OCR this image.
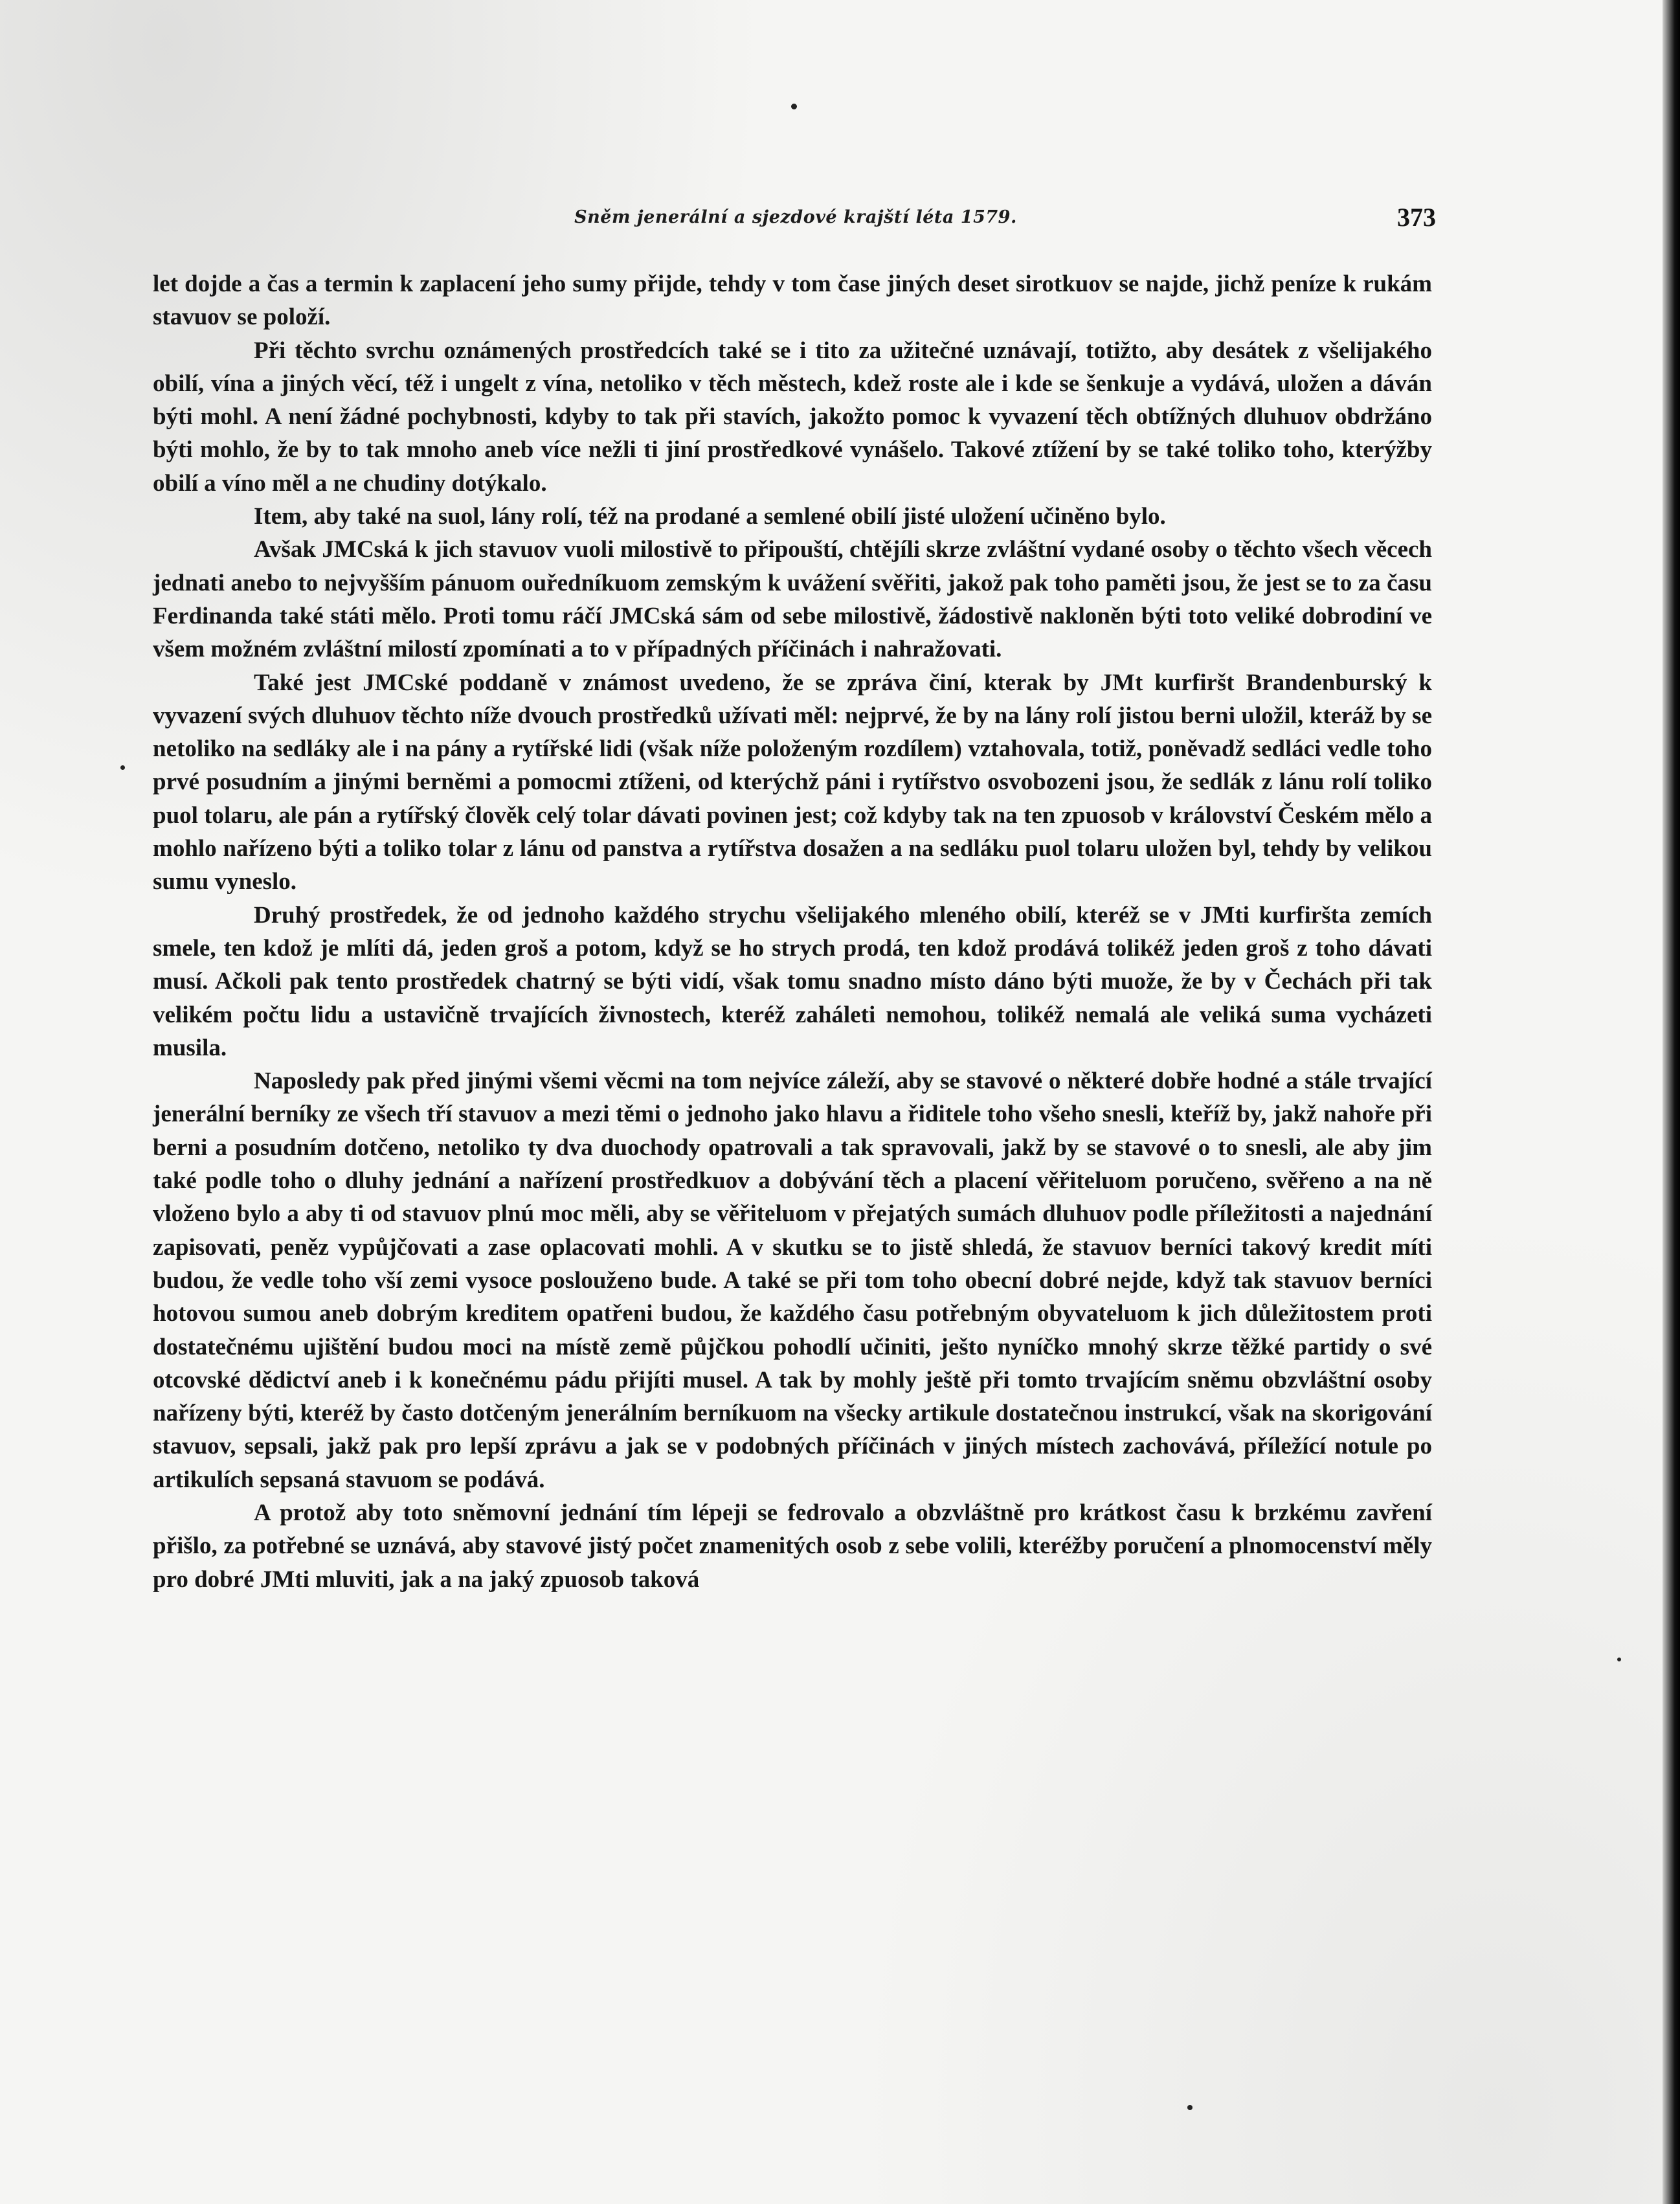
Sněm jenerální a sjezdové krajští léta 1579.	373

let dojde a čas a termin k zaplacení jeho sumy přijde, tehdy v tom čase jiných deset sirotkuov se najde, jichž peníze k rukám stavuov se položí.

Při těchto svrchu oznámených prostředcích také se i tito za užitečné uznávají, totižto, aby desátek z všelijakého obilí, vína a jiných věcí, též i ungelt z vína, netoliko v těch městech, kdež roste ale i kde se šenkuje a vydává, uložen a dáván býti mohl. A není žádné pochybnosti, kdyby to tak při stavích, jakožto pomoc k vyvazení těch obtížných dluhuov obdržáno býti mohlo, že by to tak mnoho aneb více nežli ti jiní prostředkové vynášelo. Takové ztížení by se také toliko toho, kterýžby obilí a víno měl a ne chudiny dotýkalo.

Item, aby také na suol, lány rolí, též na prodané a semlené obilí jisté uložení učiněno bylo.

Avšak JMCská k jich stavuov vuoli milostivě to připouští, chtějíli skrze zvláštní vydané osoby o těchto všech věcech jednati anebo to nejvyšším pánuom ouředníkuom zemským k uvážení svěřiti, jakož pak toho paměti jsou, že jest se to za času Ferdinanda také státi mělo. Proti tomu ráčí JMCská sám od sebe milostivě, žádostivě nakloněn býti toto veliké dobrodiní ve všem možném zvláštní milostí zpomínati a to v případných příčinách i nahražovati.

Také jest JMCské poddaně v známost uvedeno, že se zpráva činí, kterak by JMt kurfiršt Brandenburský k vyvazení svých dluhuov těchto níže dvouch prostředků užívati měl: nejprvé, že by na lány rolí jistou berni uložil, kteráž by se netoliko na sedláky ale i na pány a rytířské lidi (však níže položeným rozdílem) vztahovala, totiž, poněvadž sedláci vedle toho prvé posudním a jinými berněmi a pomocmi ztíženi, od kterýchž páni i rytířstvo osvobozeni jsou, že sedlák z lánu rolí toliko puol tolaru, ale pán a rytířský člověk celý tolar dávati povinen jest; což kdyby tak na ten zpuosob v království Českém mělo a mohlo nařízeno býti a toliko tolar z lánu od panstva a rytířstva dosažen a na sedláku puol tolaru uložen byl, tehdy by velikou sumu vyneslo.

Druhý prostředek, že od jednoho každého strychu všelijakého mleného obilí, kteréž se v JMti kurfiršta zemích smele, ten kdož je mlíti dá, jeden groš a potom, když se ho strych prodá, ten kdož prodává tolikéž jeden groš z toho dávati musí. Ačkoli pak tento prostředek chatrný se býti vidí, však tomu snadno místo dáno býti muože, že by v Čechách při tak velikém počtu lidu a ustavičně trvajících živnostech, kteréž zaháleti nemohou, tolikéž nemalá ale veliká suma vycházeti musila.

Naposledy pak před jinými všemi věcmi na tom nejvíce záleží, aby se stavové o některé dobře hodné a stále trvající jenerální berníky ze všech tří stavuov a mezi těmi o jednoho jako hlavu a řiditele toho všeho snesli, kteříž by, jakž nahoře při berni a posudním dotčeno, netoliko ty dva duochody opatrovali a tak spravovali, jakž by se stavové o to snesli, ale aby jim také podle toho o dluhy jednání a nařízení prostředkuov a dobývání těch a placení věřiteluom poručeno, svěřeno a na ně vloženo bylo a aby ti od stavuov plnú moc měli, aby se věřiteluom v přejatých sumách dluhuov podle příležitosti a najednání zapisovati, peněz vypůjčovati a zase oplacovati mohli. A v skutku se to jistě shledá, že stavuov berníci takový kredit míti budou, že vedle toho vší zemi vysoce poslouženo bude. A také se při tom toho obecní dobré nejde, když tak stavuov berníci hotovou sumou aneb dobrým kreditem opatřeni budou, že každého času potřebným obyvateluom k jich důležitostem proti dostatečnému ujištění budou moci na místě země půjčkou pohodlí učiniti, ješto nyníčko mnohý skrze těžké partidy o své otcovské dědictví aneb i k konečnému pádu přijíti musel. A tak by mohly ještě při tomto trvajícím sněmu obzvláštní osoby nařízeny býti, kteréž by často dotčeným jenerálním berníkuom na všecky artikule dostatečnou instrukcí, však na skorigování stavuov, sepsali, jakž pak pro lepší zprávu a jak se v podobných příčinách v jiných místech zachovává, příležící notule po artikulích sepsaná stavuom se podává.

A protož aby toto sněmovní jednání tím lépeji se fedrovalo a obzvláštně pro krátkost času k brzkému zavření přišlo, za potřebné se uznává, aby stavové jistý počet znamenitých osob z sebe volili, kteréžby poručení a plnomocenství měly pro dobré JMti mluviti, jak a na jaký zpuosob taková
